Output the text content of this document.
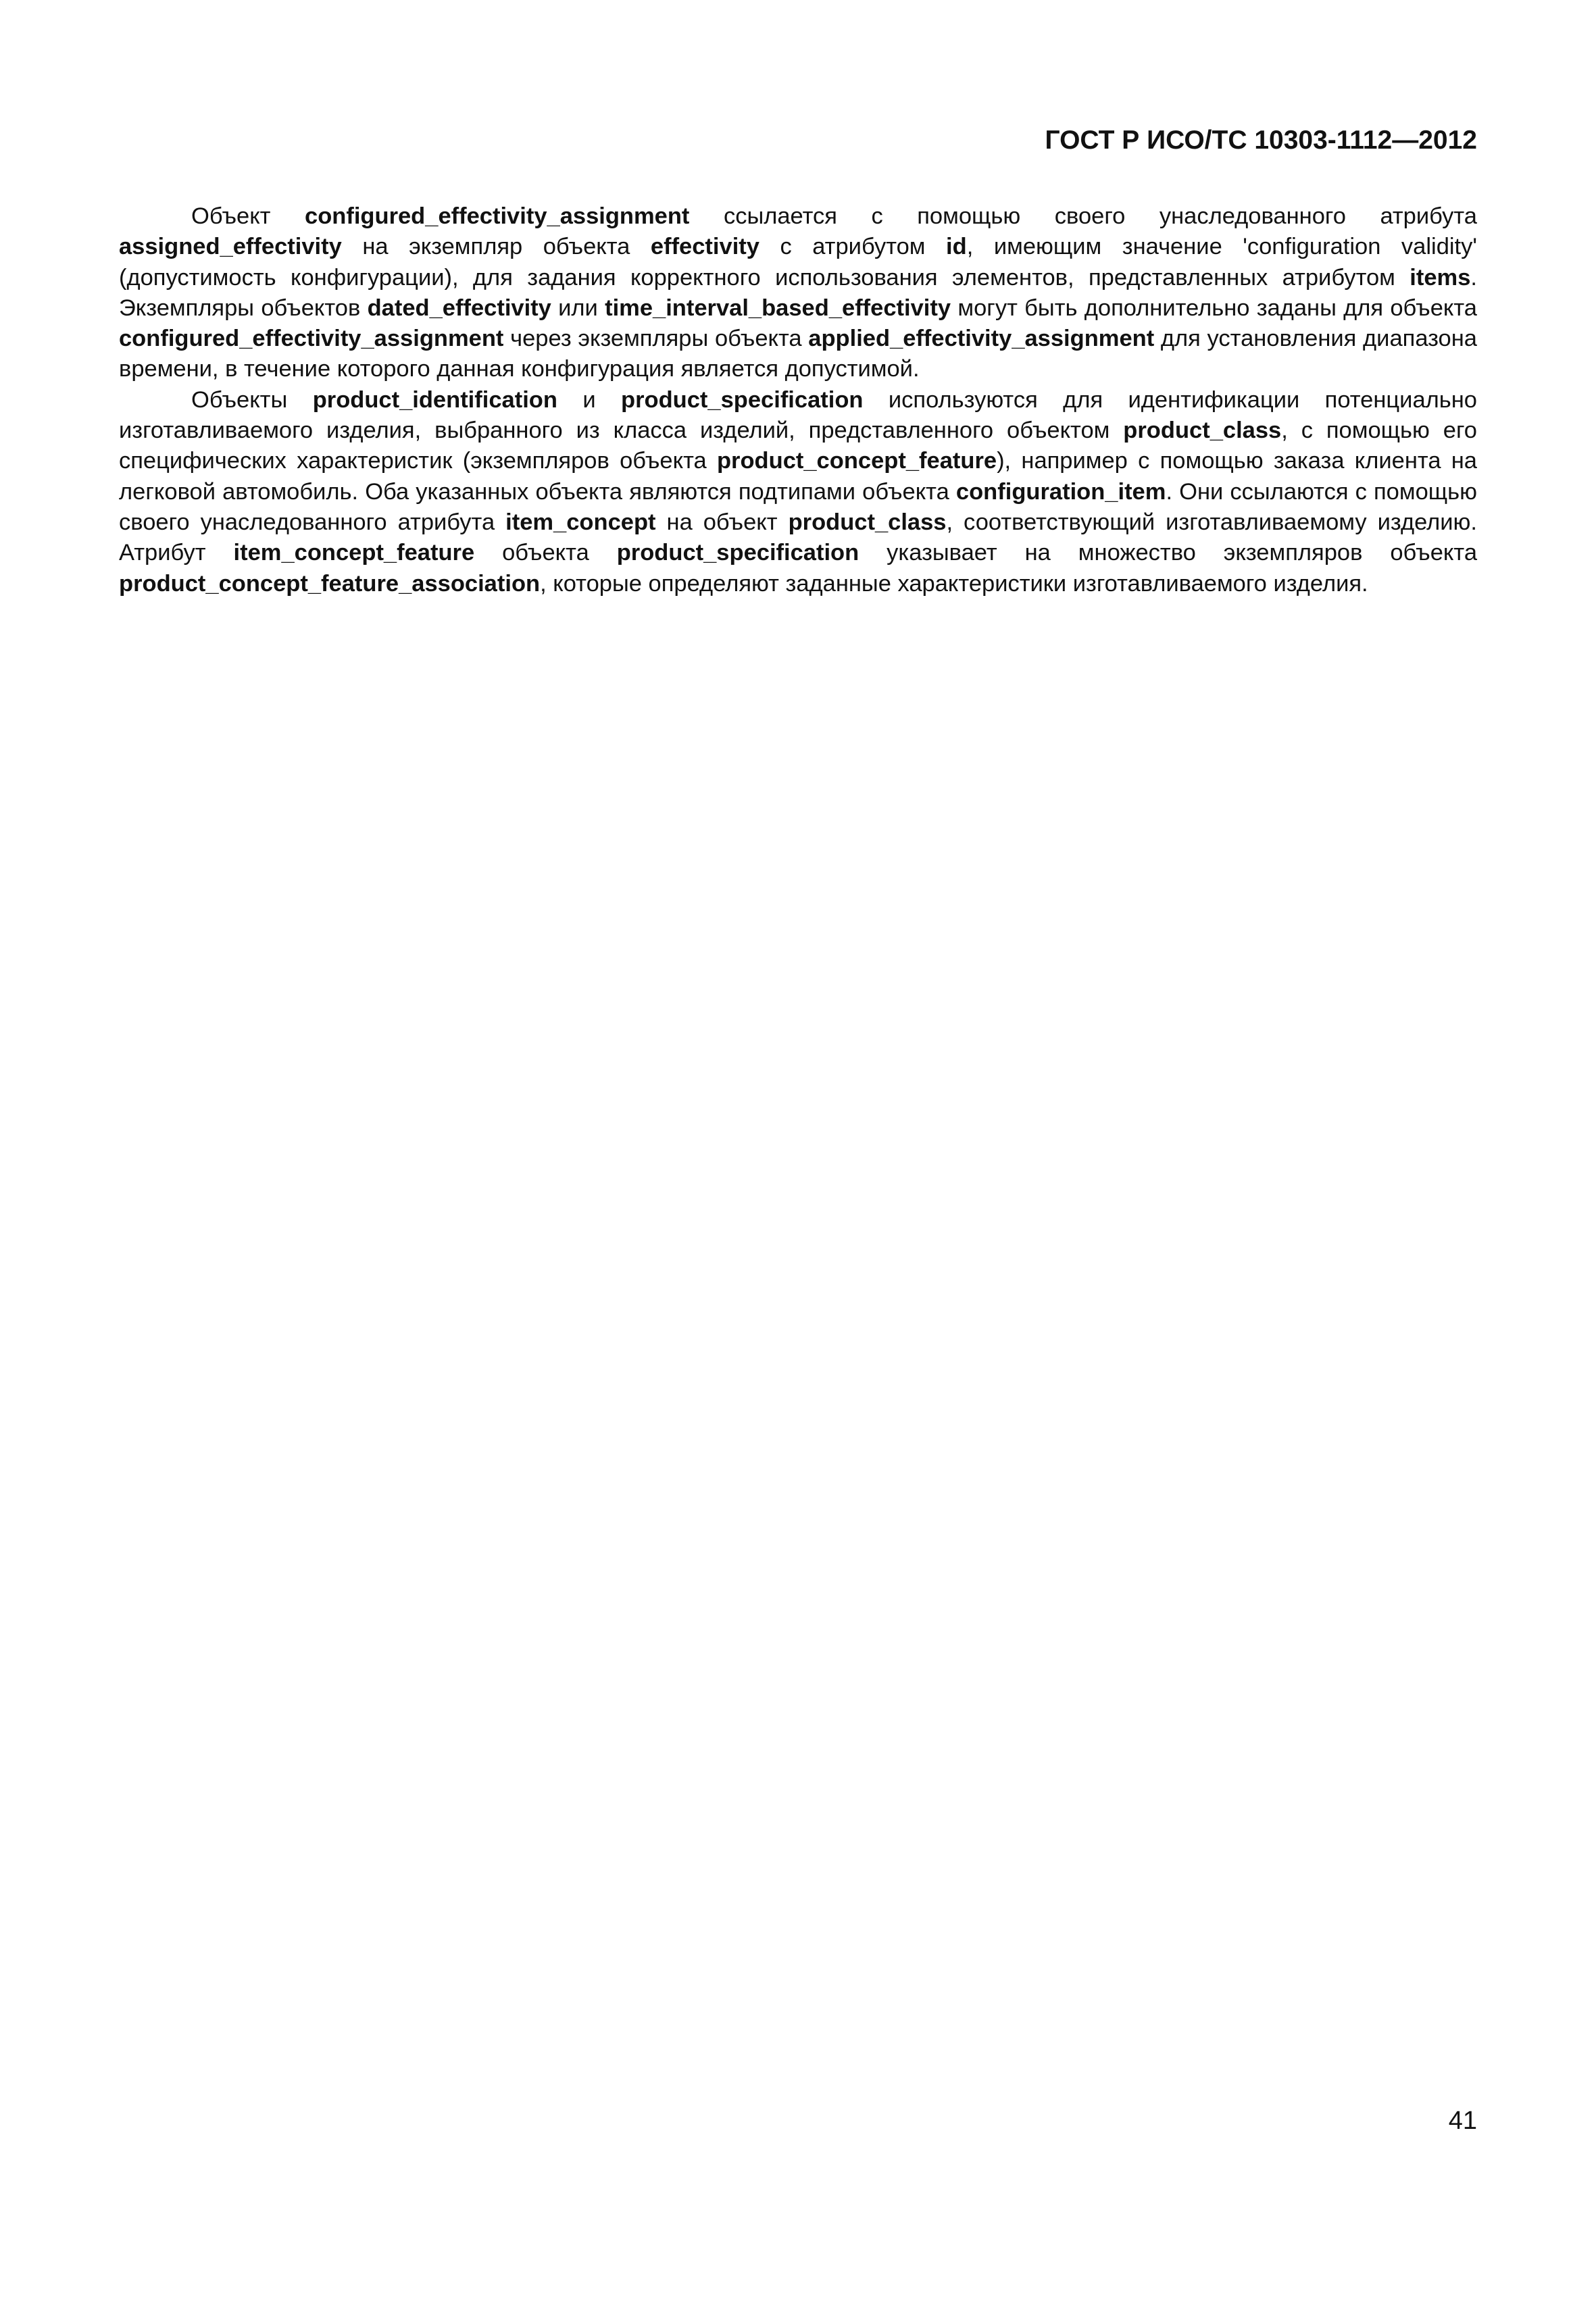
ГОСТ Р ИСО/ТС 10303-1112—2012

Объект configured_effectivity_assignment ссылается с помощью своего унаследованного атрибута assigned_effectivity на экземпляр объекта effectivity с атрибутом id, имеющим значение 'configuration validity' (допустимость конфигурации), для задания корректного использования элементов, представленных атрибутом items. Экземпляры объектов dated_effectivity или time_interval_based_effectivity могут быть дополнительно заданы для объекта configured_effectivity_assignment через экземпляры объекта applied_effectivity_assignment для установления диапазона времени, в течение которого данная конфигурация является допустимой.

Объекты product_identification и product_specification используются для идентификации потенциально изготавливаемого изделия, выбранного из класса изделий, представленного объектом product_class, с помощью его специфических характеристик (экземпляров объекта product_concept_feature), например с помощью заказа клиента на легковой автомобиль. Оба указанных объекта являются подтипами объекта configuration_item. Они ссылаются с помощью своего унаследованного атрибута item_concept на объект product_class, соответствующий изготавливаемому изделию. Атрибут item_concept_feature объекта product_specification указывает на множество экземпляров объекта product_concept_feature_association, которые определяют заданные характеристики изготавливаемого изделия.

41
